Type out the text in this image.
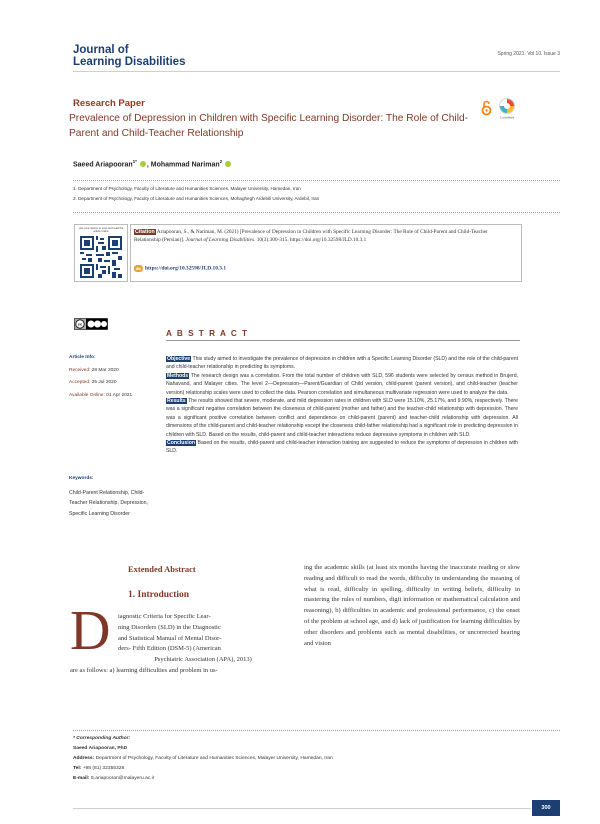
Journal of
Learning Disabilities
Spring 2021. Vol 10. Issue 3
Research Paper
Prevalence of Depression in Children with Specific Learning Disorder: The Role of Child-Parent and Child-Teacher Relationship
CrossMark
Saeed Ariapooran$^{1*}$ , Mohammad Nariman$^2$
1. Department of Psychology, Faculty of Literature and Humanities Sciences, Malayer University, Hamedan, Iran
2. Department of Psychology, Faculty of Literature and Humanities Sciences, Mohaghegh Ardebili University, Ardebil, Iran
Use your device to scan and read the article online	Citation Ariapooran, S., & Nariman, M. (2021) [Prevalence of Depression in Children with Specific Learning Disorder: The Role of Child-Parent and Child-Teacher Relationship (Persian)]. Journal of Learning Disabilities. 10(3):300-315. https://doi.org/10.32598/JLD.10.3.1
doi https://doi.org/10.32598/JLD.10.3.1
cc
A B S T R A C T
Article Info:
Received: 28 Mar 2020
Accepted: 25 Jul 2020
Available Online: 01 Apr 2021
Keywords:
Child-Parent Relationship, Child-Teacher Relationship, Depression, Specific Learning Disorder

Objective This study aimed to investigate the prevalence of depression in children with a Specific Learning Disorder (SLD) and the role of the child-parent and child-teacher relationship in predicting its symptoms.

Methods The research design was a correlation. From the total number of children with SLD, 596 students were selected by census method in Brujerd, Nahavand, and Malayer cities. The level 2—Depression—Parent/Guardian of Child version, child-parent (parent version), and child-teacher (teacher version) relationship scales were used to collect the data. Pearson correlation and simultaneous multivariate regression were used to analyze the data.

Results The results showed that severe, moderate, and mild depression rates in children with SLD were 15.10%, 25.17%, and 9.90%, respectively. There was a significant negative correlation between the closeness of child-parent (mother and father) and the teacher-child relationship with depression. There was a significant positive correlation between conflict and dependence on child-parent (parent) and teacher-child relationship with depression. All dimensions of the child-parent and child-teacher relationship except the closeness child-father relationship had a significant role in predicting depression in children with SLD. Based on the results, child-parent and child-teacher interactions reduce depressive symptoms in children with SLD.

Conclusion Based on the results, child-parent and child-teacher interaction training are suggested to reduce the symptoms of depression in children with SLD.

Extended Abstract
1. Introduction
D iagnostic Criteria for Specific Lear-
ning Disorders (SLD) in the Diagnostic
and Statistical Manual of Mental Disor-
ders- Fifth Edition (DSM-5) (American
Psychiatric Association (APA), 2013)
are as follows: a) learning difficulties and problem in us-
ing the academic skills (at least six months having the inaccurate reading or slow reading and difficult to read the words, difficulty in understanding the meaning of what is read, difficulty in spelling, difficulty in writing beliefs, difficulty in mastering the rules of numbers, digit information or mathematical calculation and reasoning), b) difficulties in academic and professional performance, c) the onset of the problem at school age, and d) lack of justification for learning difficulties by other disorders and problems such as mental disabilities, or uncorrected hearing and vision
* Corresponding Author:
Saeed Ariapooran, PhD
Address: Department of Psychology, Faculty of Literature and Humanities Sciences, Malayer University, Hamedan, Iran
Tel: +98 (81) 32355328
E-mail: S.ariapooran@malayeru.ac.ir
300
